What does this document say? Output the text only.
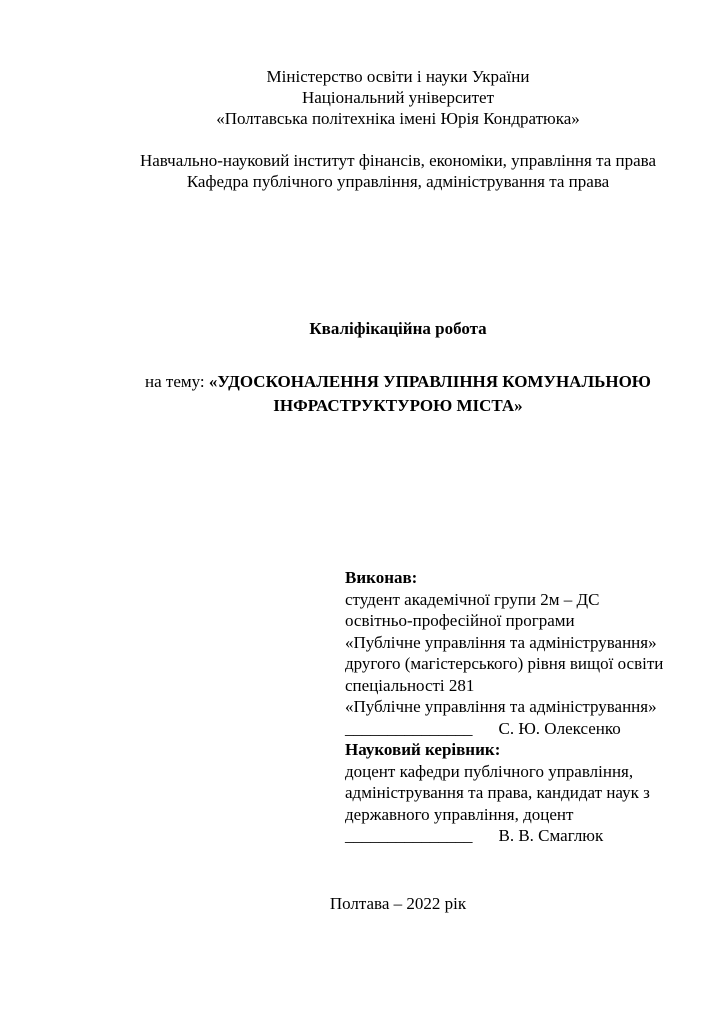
Міністерство освіти і науки України
Національний університет
«Полтавська політехніка імені Юрія Кондратюка»
Навчально-науковий інститут фінансів, економіки, управління та права
Кафедра публічного управління, адміністрування та права
Кваліфікаційна робота
на тему: «УДОСКОНАЛЕННЯ УПРАВЛІННЯ КОМУНАЛЬНОЮ ІНФРАСТРУКТУРОЮ МІСТА»
Виконав:
студент академічної групи 2м – ДС
освітньо-професійної програми
«Публічне управління та адміністрування»
другого (магістерського) рівня вищої освіти
спеціальності 281
«Публічне управління та адміністрування»
_______________ С. Ю. Олексенко
Науковий керівник:
доцент кафедри публічного управління,
адміністрування та права, кандидат наук з
державного управління, доцент
_______________ В. В. Смаглюк
Полтава – 2022 рік
